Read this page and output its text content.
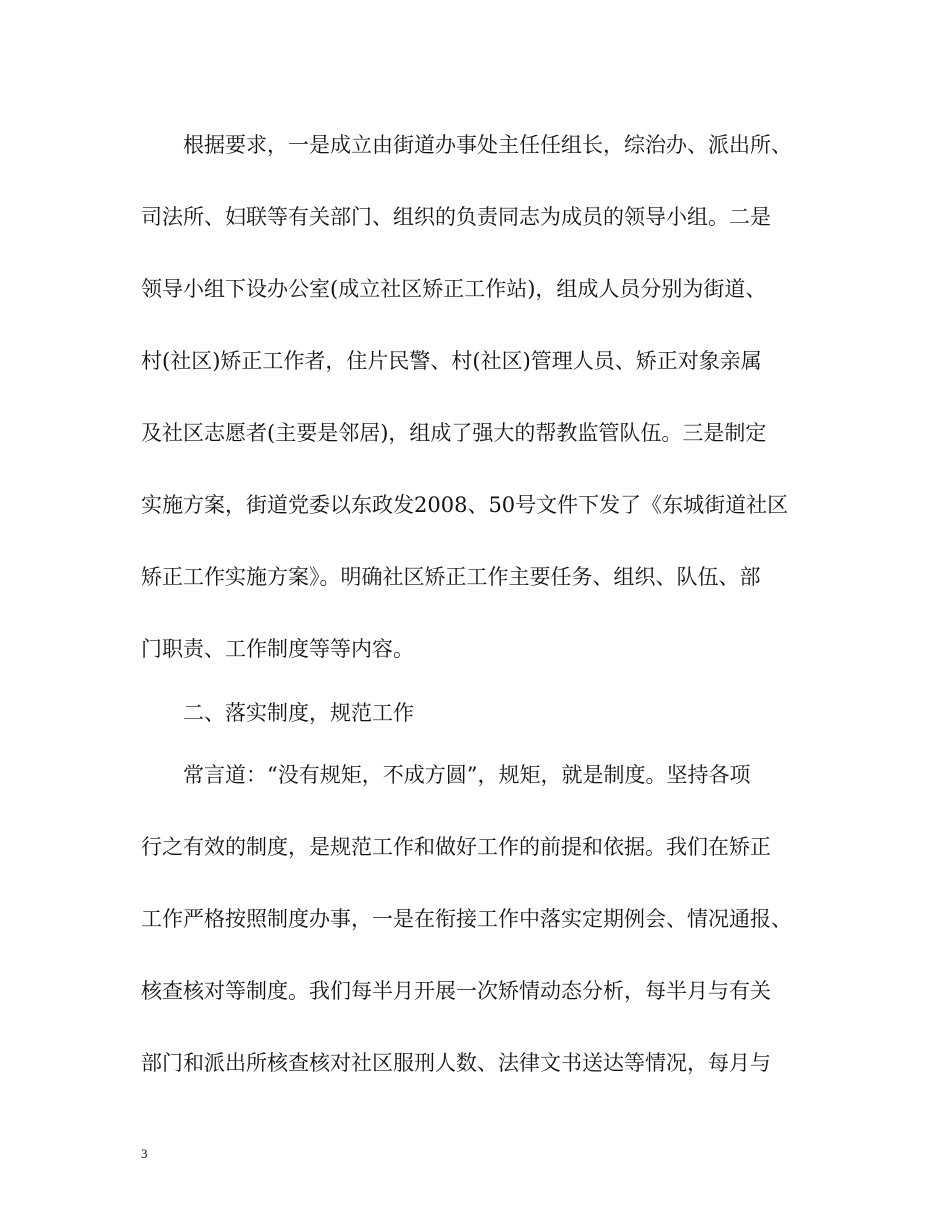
根据要求，一是成立由街道办事处主任任组长，综治办、派出所、
司法所、妇联等有关部门、组织的负责同志为成员的领导小组。二是
领导小组下设办公室(成立社区矫正工作站)，组成人员分别为街道、
村(社区)矫正工作者，住片民警、村(社区)管理人员、矫正对象亲属
及社区志愿者(主要是邻居)，组成了强大的帮教监管队伍。三是制定
实施方案，街道党委以东政发2008、50号文件下发了《东城街道社区
矫正工作实施方案》。明确社区矫正工作主要任务、组织、队伍、部
门职责、工作制度等等内容。
二、落实制度，规范工作
常言道：“没有规矩，不成方圆”，规矩，就是制度。坚持各项
行之有效的制度，是规范工作和做好工作的前提和依据。我们在矫正
工作严格按照制度办事，一是在衔接工作中落实定期例会、情况通报、
核查核对等制度。我们每半月开展一次矫情动态分析，每半月与有关
部门和派出所核查核对社区服刑人数、法律文书送达等情况，每月与
3
